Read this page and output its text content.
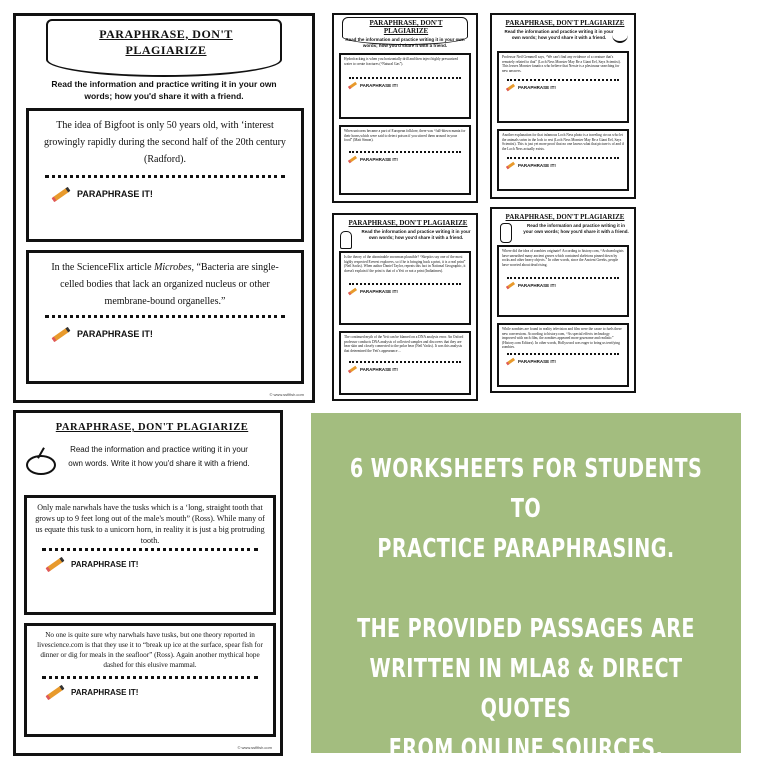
PARAPHRASE, DON'T PLAGIARIZE
Read the information and practice writing it in your own words; how you'd share it with a friend.
The idea of Bigfoot is only 50 years old, with ‘interest growingly rapidly during the second half of the 20th century (Radford).
PARAPHRASE IT!
In the ScienceFlix article Microbes, “Bacteria are single-celled bodies that lack an organized nucleus or other membrane-bound organelles.”
PARAPHRASE IT!
© www.ssflfish.com
PARAPHRASE, DON'T PLAGIARIZE
Read the information and practice writing it in your own words; how you'd share it with a friend.
Hydrofracking is when you horizontally drill and then inject highly pressurized water to create fractures (“Natural Gas”).
PARAPHRASE IT!
When unicorns became a part of European folklore, there was “full-blown mania for their horns,which were said to detect poison if you stirred them around in your food” (Matt Simon).
PARAPHRASE IT!
PARAPHRASE, DON'T PLAGIARIZE
Read the information and practice writing it in your own words; how you'd share it with a friend.
Professor Neil Gemmell says, “We can't find any evidence of a creature that's remotely related to that” (Loch Ness Monster May Be a Giant Eel, Says Scientist). This leaves Monster fanatics who believe that Nessie is a plesiosaur searching for new answers.
PARAPHRASE IT!
Another explanation for that infamous Loch Ness photo is a traveling circus who let the animals swim in the loch to rest (Loch Ness Monster May Be a Giant Eel, Says Scientist). This is just yet more proof that no one knows what that picture is of and if the Loch Ness actually exists.
PARAPHRASE IT!
PARAPHRASE, DON'T PLAGIARIZE
Read the information and practice writing it in your own words; how you'd share it with a friend.
Is the theory of the abominable snowman plausible? “Skeptics say one of the most highly respected Everest explorers, so if he is bringing back a print, it is a real print” (Neil Sacks). When author Daniel Taylor, repeats this fact in National Geographic, it doesn't explain if the print is that of a Yeti or not a print (Indiatimes).
PARAPHRASE IT!
The continued myth of the Yeti can be blamed on a DNA analysis error. An Oxford professor conducts DNA analysis of collected samples and discovers that they are bear skin and closely connected to the polar bear (Neil Vacks). It was this analysis that determined the Yeti's appearance ...
PARAPHRASE IT!
PARAPHRASE, DON'T PLAGIARIZE
Read the information and practice writing it in your own words; how you'd share it with a friend.
Where did the idea of zombies originate? According to history.com, “Archaeologists have unearthed many ancient graves which contained skeletons pinned down by rocks and other heavy objects.” In other words, since the Ancient Greeks, people have worried about dead rising.
PARAPHRASE IT!
While zombies are found in reality television and film were the cause to fuels these new conversions. According to history.com, “As special effects technology improved with each film, the zombies appeared more gruesome and realistic” (History.com Editors). In other words, Hollywood was eager to bring us terrifying zombies.
PARAPHRASE IT!
PARAPHRASE, DON'T PLAGIARIZE
Read the information and practice writing it in your own words. Write it how you'd share it with a friend.
Only male narwhals have the tusks which is a ‘long, straight tooth that grows up to 9 feet long out of the male's mouth” (Ross). While many of us equate this tusk to a unicorn horn, in reality it is just a big protruding tooth.
PARAPHRASE IT!
No one is quite sure why narwhals have tusks, but one theory reported in livescience.com is that they use it to “break up ice at the surface, spear fish for dinner or dig for meals in the seafloor” (Ross). Again another mythical hope dashed for this elusive mammal.
PARAPHRASE IT!
© www.ssflfish.com

6 WORKSHEETS FOR STUDENTS TO

PRACTICE PARAPHRASING.

THE PROVIDED PASSAGES ARE

WRITTEN IN MLA8 & DIRECT QUOTES

FROM ONLINE SOURCES.
